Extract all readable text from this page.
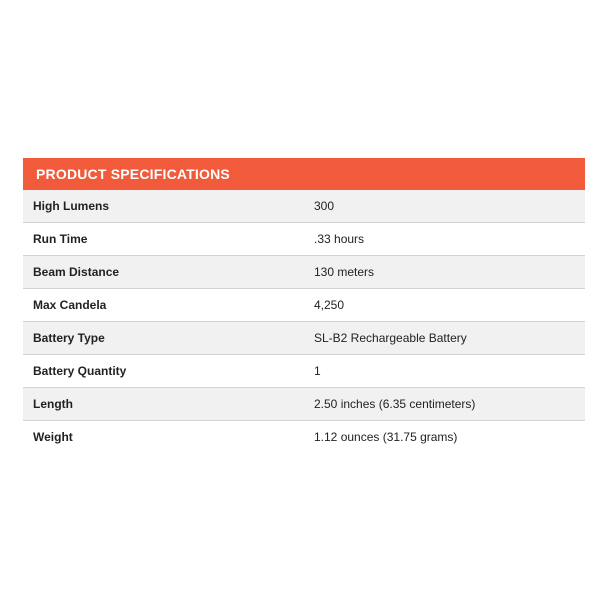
PRODUCT SPECIFICATIONS
High Lumens	300
Run Time	.33 hours
Beam Distance	130 meters
Max Candela	4,250
Battery Type	SL-B2 Rechargeable Battery
Battery Quantity	1
Length	2.50 inches (6.35 centimeters)
Weight	1.12 ounces (31.75 grams)
